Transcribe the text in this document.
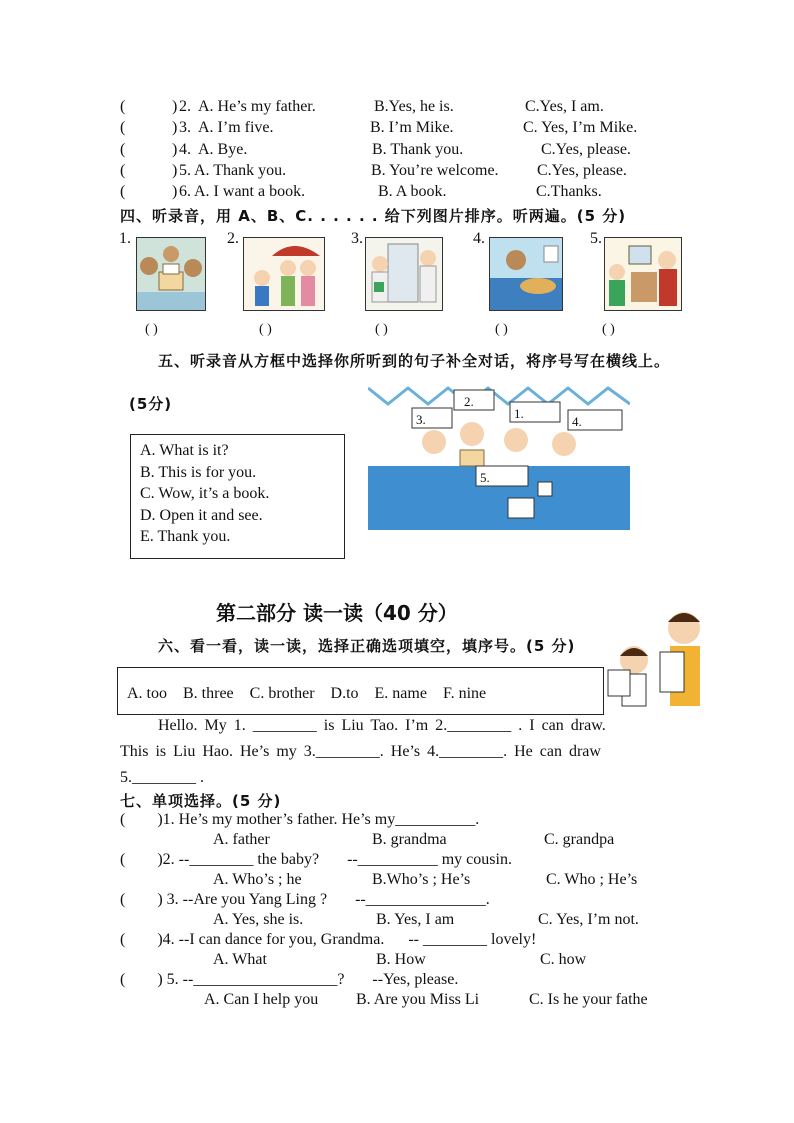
(	) 2. A. He’s my father.	B.Yes, he is.	C.Yes, I am.
(	) 3. A. I’m five.	B. I’m Mike.	C. Yes, I’m Mike.
(	) 4. A. Bye.	B. Thank you.	C.Yes, please.
(	) 5. A. Thank you.	B. You’re welcome. C.Yes, please.
(	) 6. A. I want a book.	B. A book.	C.Thanks.
四、听录音，用 A、B、C. . . . . . 给下列图片排序。听两遍。(5 分)
1.	2.	3.	4.	5.
( )	( )	( )	( )	( )
五、听录音从方框中选择你所听到的句子补全对话，将序号写在横线上。
(5分)
A. What is it?
B. This is for you.
C. Wow, it’s a book.
D. Open it and see.
E. Thank you.
2.
1.
3.	4.
5.
第二部分 读一读（40 分）
六、看一看，读一读，选择正确选项填空，填序号。(5 分)
A. too    B. three    C. brother    D.to    E. name    F. nine
Hello. My 1. ________ is Liu Tao. I’m 2.________ . I can draw.
This is Liu Hao. He’s my 3.________. He’s 4.________. He can draw
5.________ .
七、单项选择。(5 分)
(        )1. He’s my mother’s father. He’s my__________.
A. father	B. grandma	C. grandpa
(        )2. --________ the baby?       --__________ my cousin.
A. Who’s ; he	B.Who’s ; He’s	C. Who ; He’s
(        ) 3. --Are you Yang Ling ?       --_______________.
A. Yes, she is.	B. Yes, I am	C. Yes, I’m not.
(        )4. --I can dance for you, Grandma.      -- ________ lovely!
A. What	B. How	C. how
(        ) 5. --__________________?       --Yes, please.
A. Can I help you B. Are you Miss Li	C. Is he your fathe
